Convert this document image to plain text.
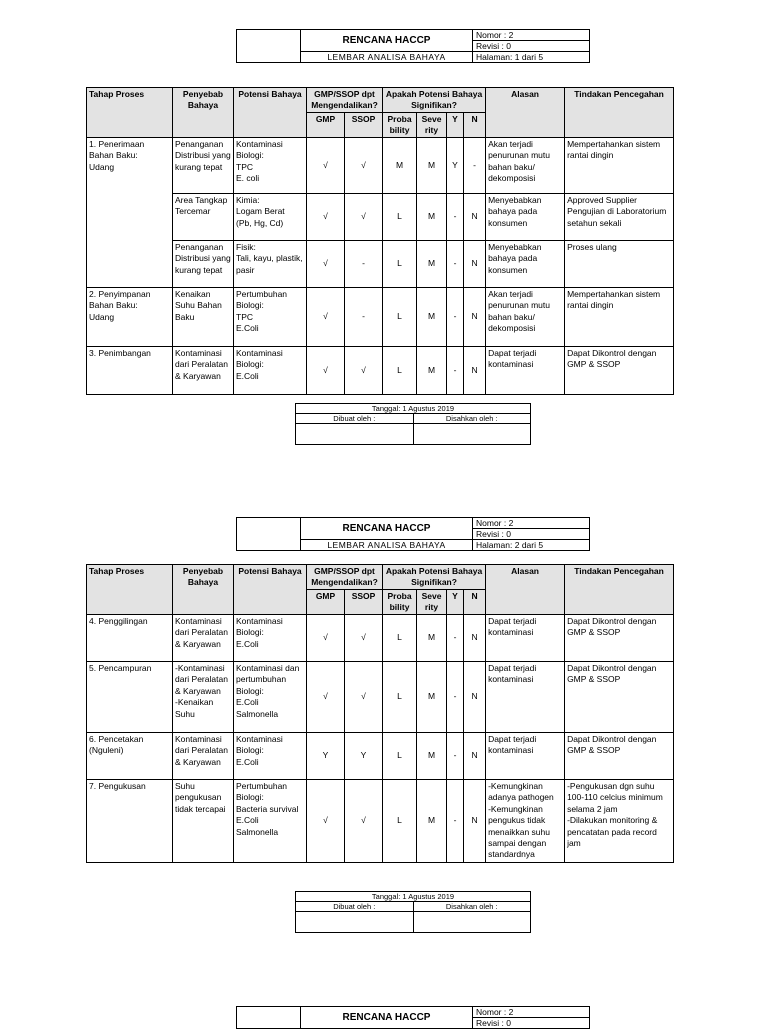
	RENCANA HACCP	Nomor : 2
		Revisi : 0
	LEMBAR ANALISA BAHAYA	Halaman: 1 dari 5
Tahap Proses	Penyebab Bahaya	Potensi Bahaya	GMP/SSOP dpt Mengendalikan?		Apakah Potensi Bahaya Signifikan?				Alasan	Tindakan Pencegahan
			GMP	SSOP	Proba bility	Seve rity	Y	N		
1. Penerimaan
Bahan Baku:
Udang	Penanganan Distribusi yang kurang tepat	Kontaminasi Biologi:
TPC
E. coli	√	√	M	M	Y	-	Akan terjadi penurunan mutu bahan baku/ dekomposisi	Mempertahankan sistem rantai dingin
	Area Tangkap Tercemar	Kimia:
Logam Berat
(Pb, Hg, Cd)	√	√	L	M	-	N	Menyebabkan bahaya pada konsumen	Approved Supplier
Pengujian di Laboratorium setahun sekali
	Penanganan Distribusi yang kurang tepat	Fisik:
Tali, kayu, plastik, pasir	√	-	L	M	-	N	Menyebabkan bahaya pada konsumen	Proses ulang
2. Penyimpanan
Bahan Baku:
Udang	Kenaikan Suhu Bahan Baku	Pertumbuhan Biologi:
TPC
E.Coli	√	-	L	M	-	N	Akan terjadi penurunan mutu bahan baku/ dekomposisi	Mempertahankan sistem rantai dingin
3. Penimbangan	Kontaminasi dari Peralatan & Karyawan	Kontaminasi Biologi:
E.Coli	√	√	L	M	-	N	Dapat terjadi kontaminasi	Dapat Dikontrol dengan GMP & SSOP
Tanggal: 1 Agustus 2019	
Dibuat oleh :	Disahkan oleh :

	RENCANA HACCP	Nomor : 2
		Revisi : 0
	LEMBAR ANALISA BAHAYA	Halaman: 2 dari 5
Tahap Proses	Penyebab Bahaya	Potensi Bahaya	GMP/SSOP dpt Mengendalikan?		Apakah Potensi Bahaya Signifikan?				Alasan	Tindakan Pencegahan
			GMP	SSOP	Proba bility	Seve rity	Y	N		
4. Penggilingan	Kontaminasi dari Peralatan & Karyawan	Kontaminasi Biologi:
E.Coli	√	√	L	M	-	N	Dapat terjadi kontaminasi	Dapat Dikontrol dengan GMP & SSOP
5. Pencampuran	-Kontaminasi dari Peralatan & Karyawan
-Kenaikan Suhu	Kontaminasi dan pertumbuhan Biologi:
E.Coli
Salmonella	√	√	L	M	-	N	Dapat terjadi kontaminasi	Dapat Dikontrol dengan GMP & SSOP
6. Pencetakan
(Nguleni)	Kontaminasi dari Peralatan & Karyawan	Kontaminasi Biologi:
E.Coli	Y	Y	L	M	-	N	Dapat terjadi kontaminasi	Dapat Dikontrol dengan GMP & SSOP
7. Pengukusan	Suhu pengukusan tidak tercapai	Pertumbuhan Biologi:
Bacteria survival
E.Coli
Salmonella	√	√	L	M	-	N	-Kemungkinan adanya pathogen
-Kemungkinan pengukus tidak menaikkan suhu sampai dengan standardnya	-Pengukusan dgn suhu 100-110 celcius minimum selama 2 jam
-Dilakukan monitoring & pencatatan pada record jam
Tanggal: 1 Agustus 2019	
Dibuat oleh :	Disahkan oleh :

	RENCANA HACCP	Nomor : 2
Revisi : 0
